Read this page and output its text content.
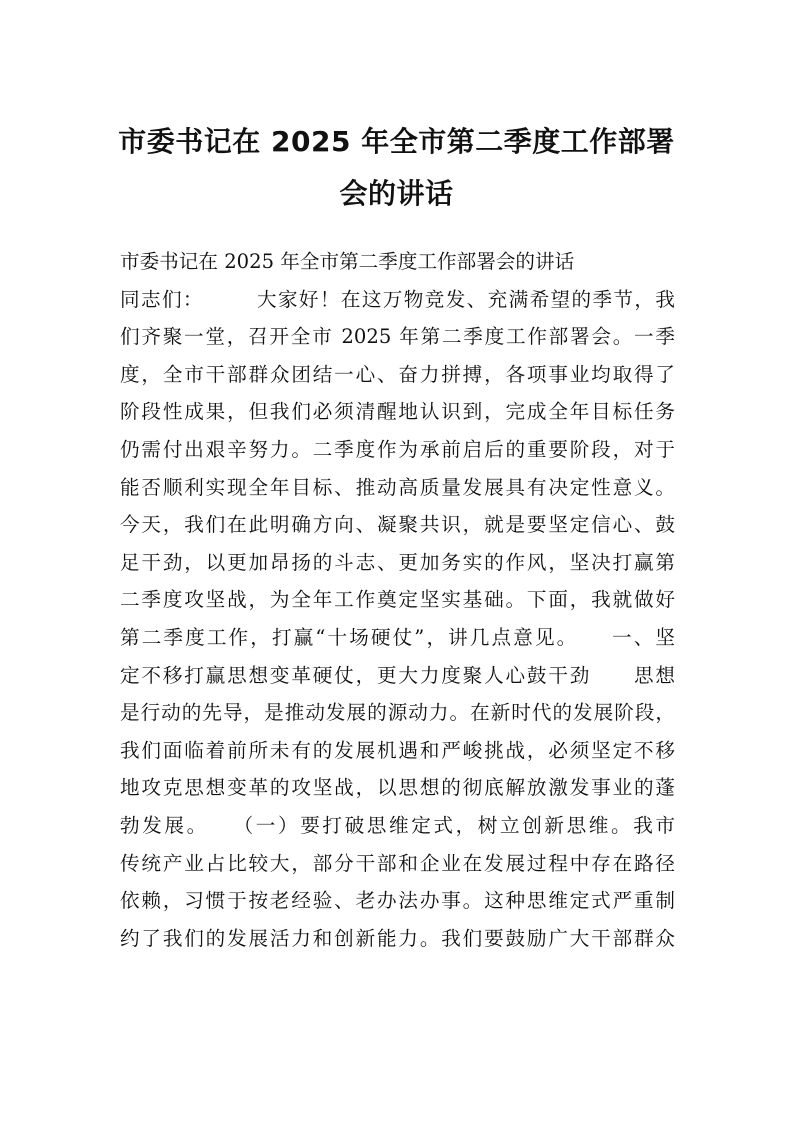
市委书记在 2025 年全市第二季度工作部署
会的讲话
市委书记在 2025 年全市第二季度工作部署会的讲话
同志们：　　　大家好！在这万物竞发、充满希望的季节，我
们齐聚一堂，召开全市 2025 年第二季度工作部署会。一季
度，全市干部群众团结一心、奋力拼搏，各项事业均取得了
阶段性成果，但我们必须清醒地认识到，完成全年目标任务
仍需付出艰辛努力。二季度作为承前启后的重要阶段，对于
能否顺利实现全年目标、推动高质量发展具有决定性意义。
今天，我们在此明确方向、凝聚共识，就是要坚定信心、鼓
足干劲，以更加昂扬的斗志、更加务实的作风，坚决打赢第
二季度攻坚战，为全年工作奠定坚实基础。下面，我就做好
第二季度工作，打赢“十场硬仗”，讲几点意见。　　一、坚
定不移打赢思想变革硬仗，更大力度聚人心鼓干劲　　思想
是行动的先导，是推动发展的源动力。在新时代的发展阶段，
我们面临着前所未有的发展机遇和严峻挑战，必须坚定不移
地攻克思想变革的攻坚战，以思想的彻底解放激发事业的蓬
勃发展。　　（一）要打破思维定式，树立创新思维。我市
传统产业占比较大，部分干部和企业在发展过程中存在路径
依赖，习惯于按老经验、老办法办事。这种思维定式严重制
约了我们的发展活力和创新能力。我们要鼓励广大干部群众
